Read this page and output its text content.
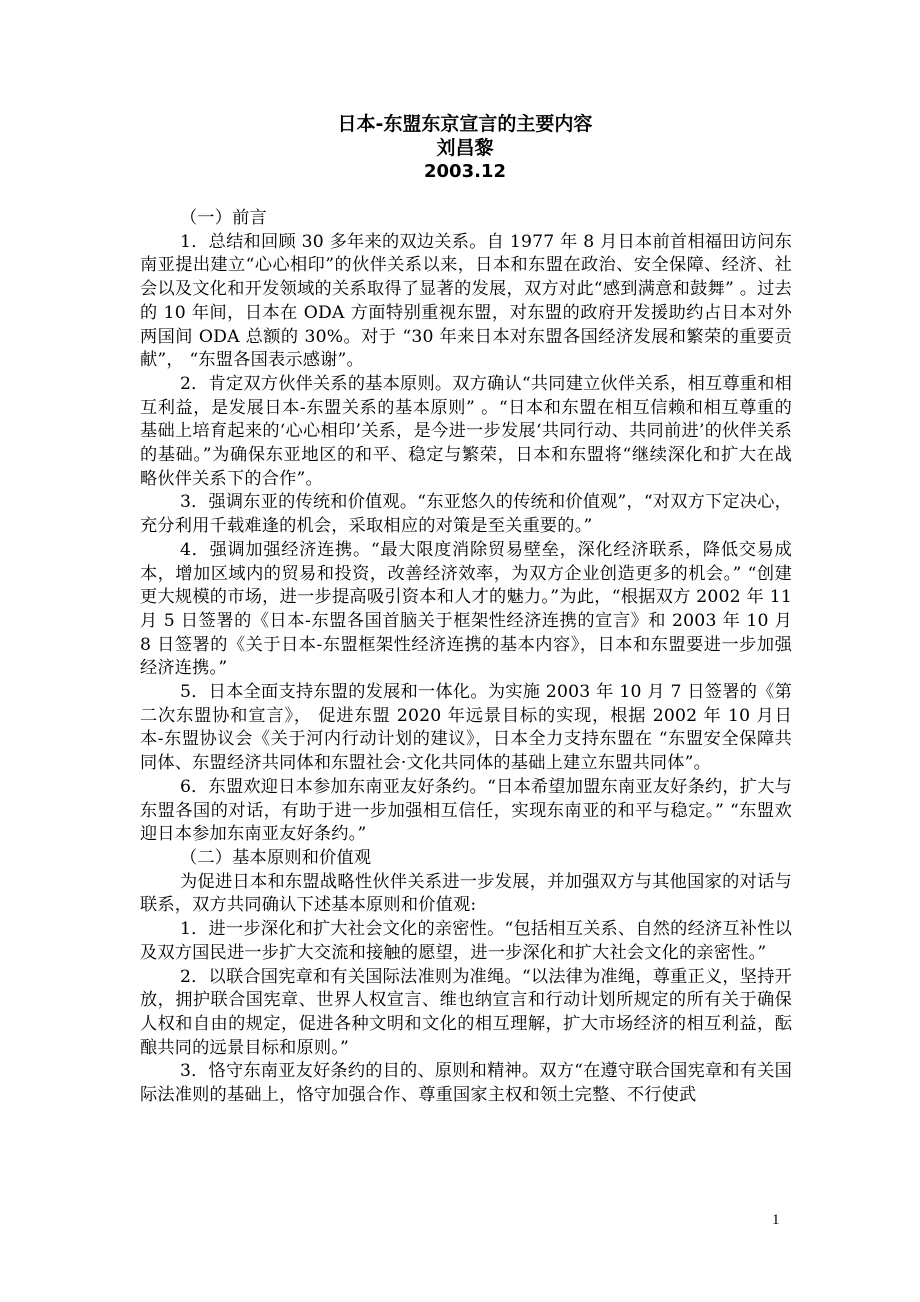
日本-东盟东京宣言的主要内容

刘昌黎

2003.12

（一）前言

1．总结和回顾 30 多年来的双边关系。自 1977 年 8 月日本前首相福田访问东南亚提出建立“心心相印”的伙伴关系以来，日本和东盟在政治、安全保障、经济、社会以及文化和开发领域的关系取得了显著的发展，双方对此“感到满意和鼓舞” 。过去的 10 年间，日本在 ODA 方面特别重视东盟，对东盟的政府开发援助约占日本对外两国间 ODA 总额的 30%。对于 “30 年来日本对东盟各国经济发展和繁荣的重要贡献”， “东盟各国表示感谢”。

2．肯定双方伙伴关系的基本原则。双方确认“共同建立伙伴关系，相互尊重和相互利益，是发展日本-东盟关系的基本原则” 。“日本和东盟在相互信赖和相互尊重的基础上培育起来的‘心心相印’关系，是今进一步发展‘共同行动、共同前进’的伙伴关系的基础。”为确保东亚地区的和平、稳定与繁荣，日本和东盟将“继续深化和扩大在战略伙伴关系下的合作”。

3．强调东亚的传统和价值观。“东亚悠久的传统和价值观”，“对双方下定决心，充分利用千载难逢的机会，采取相应的对策是至关重要的。”

4．强调加强经济连携。“最大限度消除贸易壁垒，深化经济联系，降低交易成本，增加区域内的贸易和投资，改善经济效率，为双方企业创造更多的机会。” “创建更大规模的市场，进一步提高吸引资本和人才的魅力。”为此，“根据双方 2002 年 11 月 5 日签署的《日本-东盟各国首脑关于框架性经济连携的宣言》和 2003 年 10 月 8 日签署的《关于日本-东盟框架性经济连携的基本内容》，日本和东盟要进一步加强经济连携。”

5．日本全面支持东盟的发展和一体化。为实施 2003 年 10 月 7 日签署的《第二次东盟协和宣言》， 促进东盟 2020 年远景目标的实现，根据 2002 年 10 月日本-东盟协议会《关于河内行动计划的建议》，日本全力支持东盟在 “东盟安全保障共同体、东盟经济共同体和东盟社会·文化共同体的基础上建立东盟共同体”。

6．东盟欢迎日本参加东南亚友好条约。“日本希望加盟东南亚友好条约，扩大与东盟各国的对话，有助于进一步加强相互信任，实现东南亚的和平与稳定。” “东盟欢迎日本参加东南亚友好条约。”

（二）基本原则和价值观

为促进日本和东盟战略性伙伴关系进一步发展，并加强双方与其他国家的对话与联系，双方共同确认下述基本原则和价值观:

1．进一步深化和扩大社会文化的亲密性。“包括相互关系、自然的经济互补性以及双方国民进一步扩大交流和接触的愿望，进一步深化和扩大社会文化的亲密性。”

2．以联合国宪章和有关国际法准则为准绳。“以法律为准绳，尊重正义，坚持开放，拥护联合国宪章、世界人权宣言、维也纳宣言和行动计划所规定的所有关于确保人权和自由的规定，促进各种文明和文化的相互理解，扩大市场经济的相互利益，酝酿共同的远景目标和原则。”

3．恪守东南亚友好条约的目的、原则和精神。双方“在遵守联合国宪章和有关国际法准则的基础上，恪守加强合作、尊重国家主权和领土完整、不行使武

1
